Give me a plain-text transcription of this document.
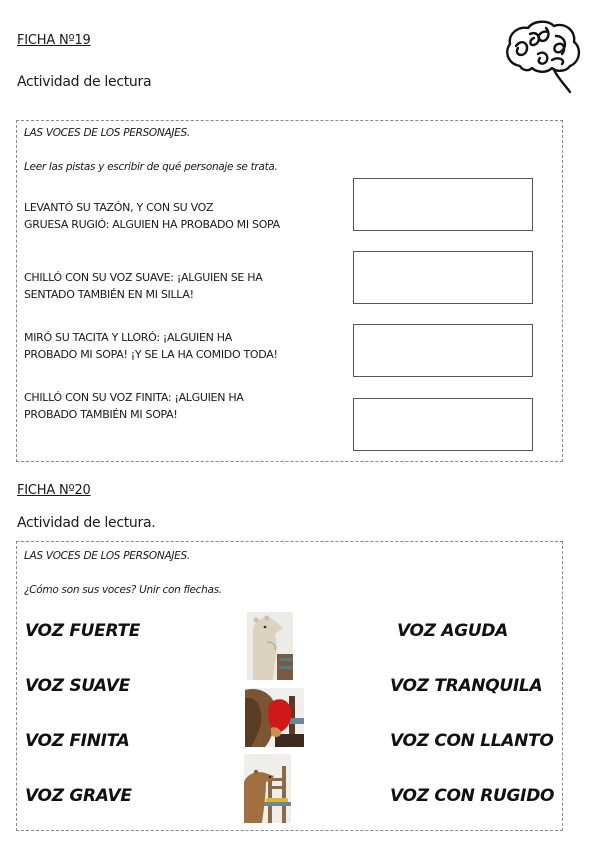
FICHA Nº19
Actividad de lectura
LAS VOCES DE LOS PERSONAJES.
Leer las pistas y escribir de qué personaje se trata.
LEVANTÓ SU TAZÓN, Y CON SU VOZ
GRUESA RUGIÓ: ALGUIEN HA PROBADO MI SOPA
CHILLÓ CON SU VOZ SUAVE: ¡ALGUIEN SE HA
SENTADO TAMBIÉN EN MI SILLA!
MIRÓ SU TACITA Y LLORÓ: ¡ALGUIEN HA
PROBADO MI SOPA! ¡Y SE LA HA COMIDO TODA!
CHILLÓ CON SU VOZ FINITA: ¡ALGUIEN HA
PROBADO TAMBIÉN MI SOPA!
FICHA Nº20
Actividad de lectura.
LAS VOCES DE LOS PERSONAJES.
¿Cómo son sus voces? Unir con flechas.
VOZ FUERTE
VOZ SUAVE
VOZ FINITA
VOZ GRAVE
VOZ AGUDA
VOZ TRANQUILA
VOZ CON LLANTO
VOZ CON RUGIDO
